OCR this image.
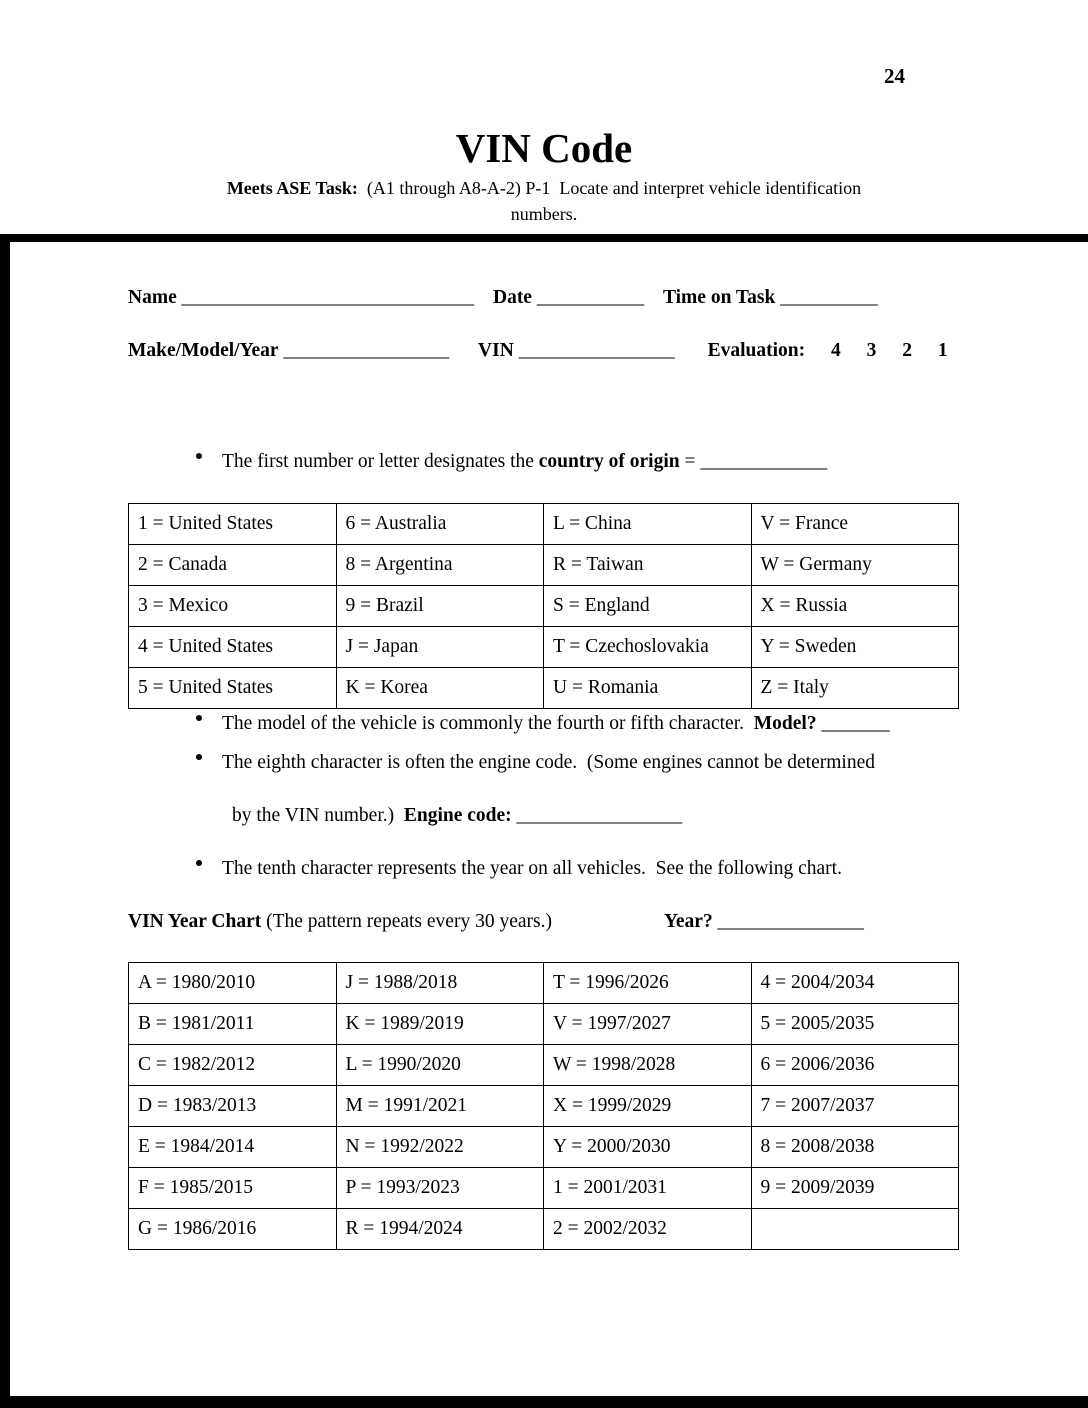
24
VIN Code
Meets ASE Task:  (A1 through A8-A-2) P-1  Locate and interpret vehicle identification
numbers.
Name ______________________________ Date ___________ Time on Task __________
Make/Model/Year _________________ VIN ________________ Evaluation: 4 3 2 1
The first number or letter designates the country of origin = _____________
1 = United States	6 = Australia	L = China	V = France
2 = Canada	8 = Argentina	R = Taiwan	W = Germany
3 = Mexico	9 = Brazil	S = England	X = Russia
4 = United States	J = Japan	T = Czechoslovakia	Y = Sweden
5 = United States	K = Korea	U = Romania	Z = Italy
The model of the vehicle is commonly the fourth or fifth character.  Model? _______
The eighth character is often the engine code.  (Some engines cannot be determined
by the VIN number.)  Engine code: _________________
The tenth character represents the year on all vehicles.  See the following chart.
VIN Year Chart (The pattern repeats every 30 years.)	Year? _______________
A = 1980/2010	J = 1988/2018	T = 1996/2026	4 = 2004/2034
B = 1981/2011	K = 1989/2019	V = 1997/2027	5 = 2005/2035
C = 1982/2012	L = 1990/2020	W = 1998/2028	6 = 2006/2036
D = 1983/2013	M = 1991/2021	X = 1999/2029	7 = 2007/2037
E = 1984/2014	N = 1992/2022	Y = 2000/2030	8 = 2008/2038
F = 1985/2015	P = 1993/2023	1 = 2001/2031	9 = 2009/2039
G = 1986/2016	R = 1994/2024	2 = 2002/2032	
